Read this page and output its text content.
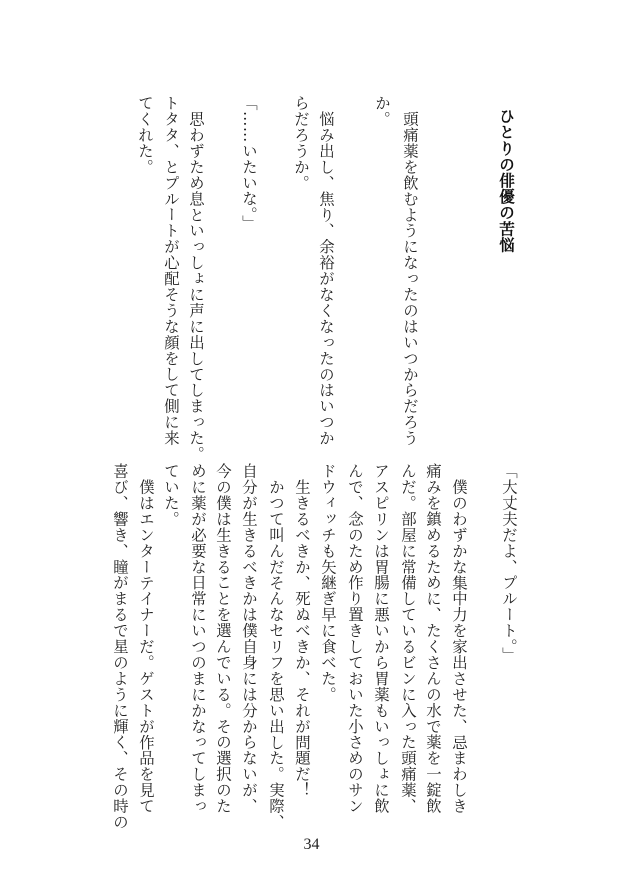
ひとりの俳優の苦悩
頭痛薬を飲むようになったのはいつからだろう
か。
悩み出し、焦り、余裕がなくなったのはいつか
らだろうか。
「……いたいな。」
思わずため息といっしょに声に出してしまった。
トタタ、とプルートが心配そうな顔をして側に来
てくれた。
「大丈夫だよ、プルート。」
僕のわずかな集中力を家出させた、忌まわしき
痛みを鎮めるために、たくさんの水で薬を一錠飲
んだ。部屋に常備しているビンに入った頭痛薬、
アスピリンは胃腸に悪いから胃薬もいっしょに飲
んで、念のため作り置きしておいた小さめのサン
ドウィッチも矢継ぎ早に食べた。
生きるべきか、死ぬべきか、それが問題だ！
かつて叫んだそんなセリフを思い出した。実際、
自分が生きるべきかは僕自身には分からないが、
今の僕は生きることを選んでいる。その選択のた
めに薬が必要な日常にいつのまにかなってしまっ
ていた。
僕はエンターテイナーだ。ゲストが作品を見て
喜び、響き、瞳がまるで星のように輝く、その時の
34
